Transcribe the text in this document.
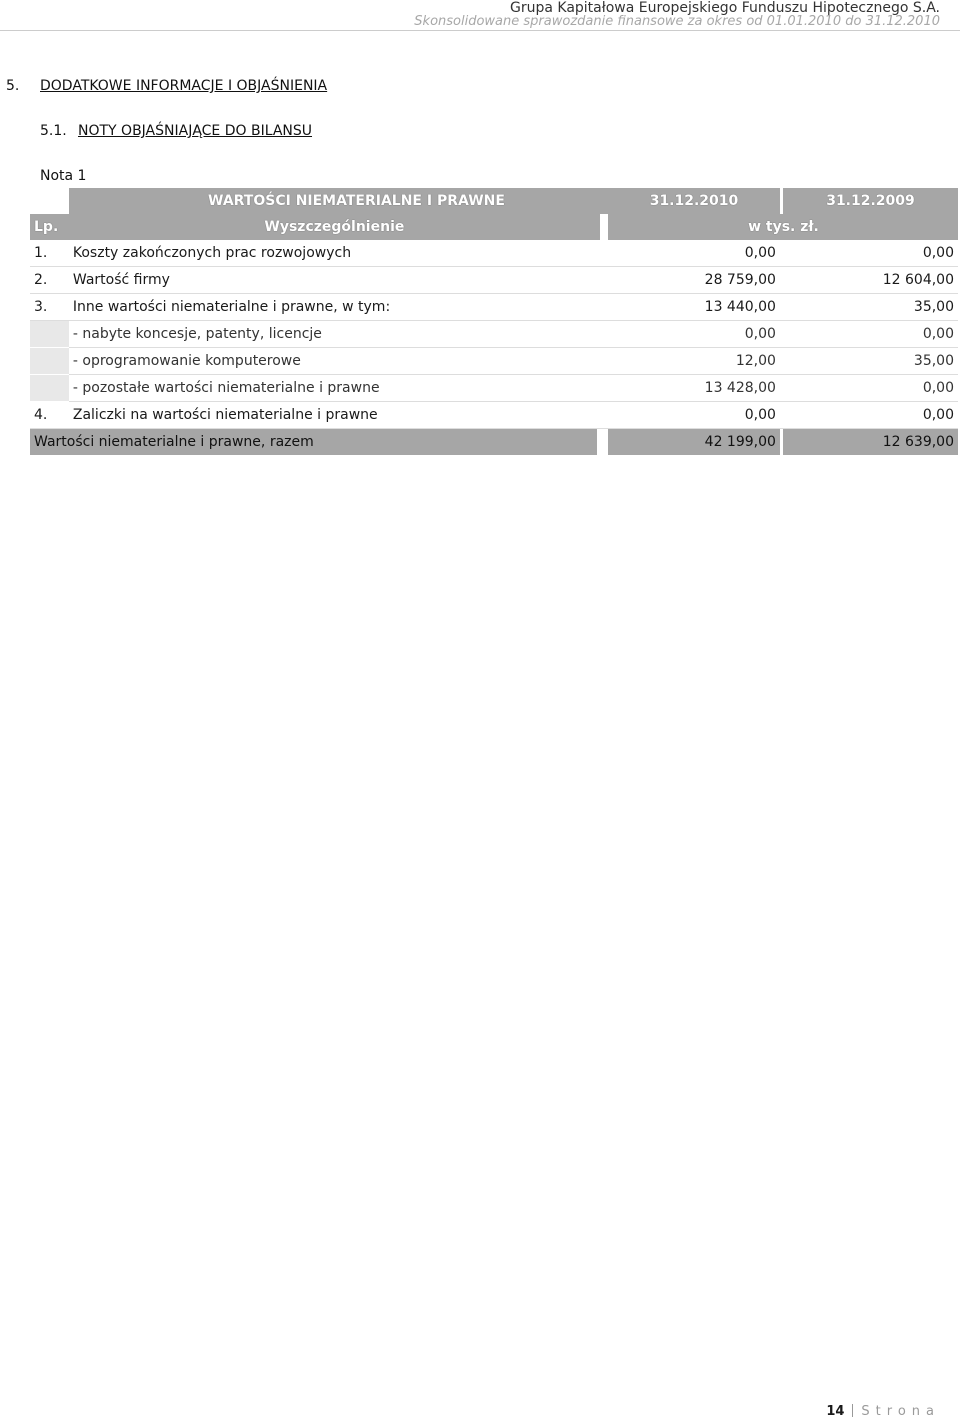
Grupa Kapitałowa Europejskiego Funduszu Hipotecznego S.A.
Skonsolidowane sprawozdanie finansowe za okres od 01.01.2010 do 31.12.2010
5. DODATKOWE INFORMACJE I OBJAŚNIENIA
5.1. NOTY OBJAŚNIAJĄCE DO BILANSU
Nota 1
	WARTOŚCI NIEMATERIALNE I PRAWNE		31.12.2010		31.12.2009
Lp.	Wyszczególnienie		w tys. zł.		
1.	Koszty zakończonych prac rozwojowych		0,00		0,00
2.	Wartość firmy		28 759,00		12 604,00
3.	Inne wartości niematerialne i prawne, w tym:		13 440,00		35,00
	- nabyte koncesje, patenty, licencje		0,00		0,00
	- oprogramowanie komputerowe		12,00		35,00
	- pozostałe wartości niematerialne i prawne		13 428,00		0,00
4.	Zaliczki na wartości niematerialne i prawne		0,00		0,00
Wartości niematerialne i prawne, razem			42 199,00		12 639,00
14 Strona
